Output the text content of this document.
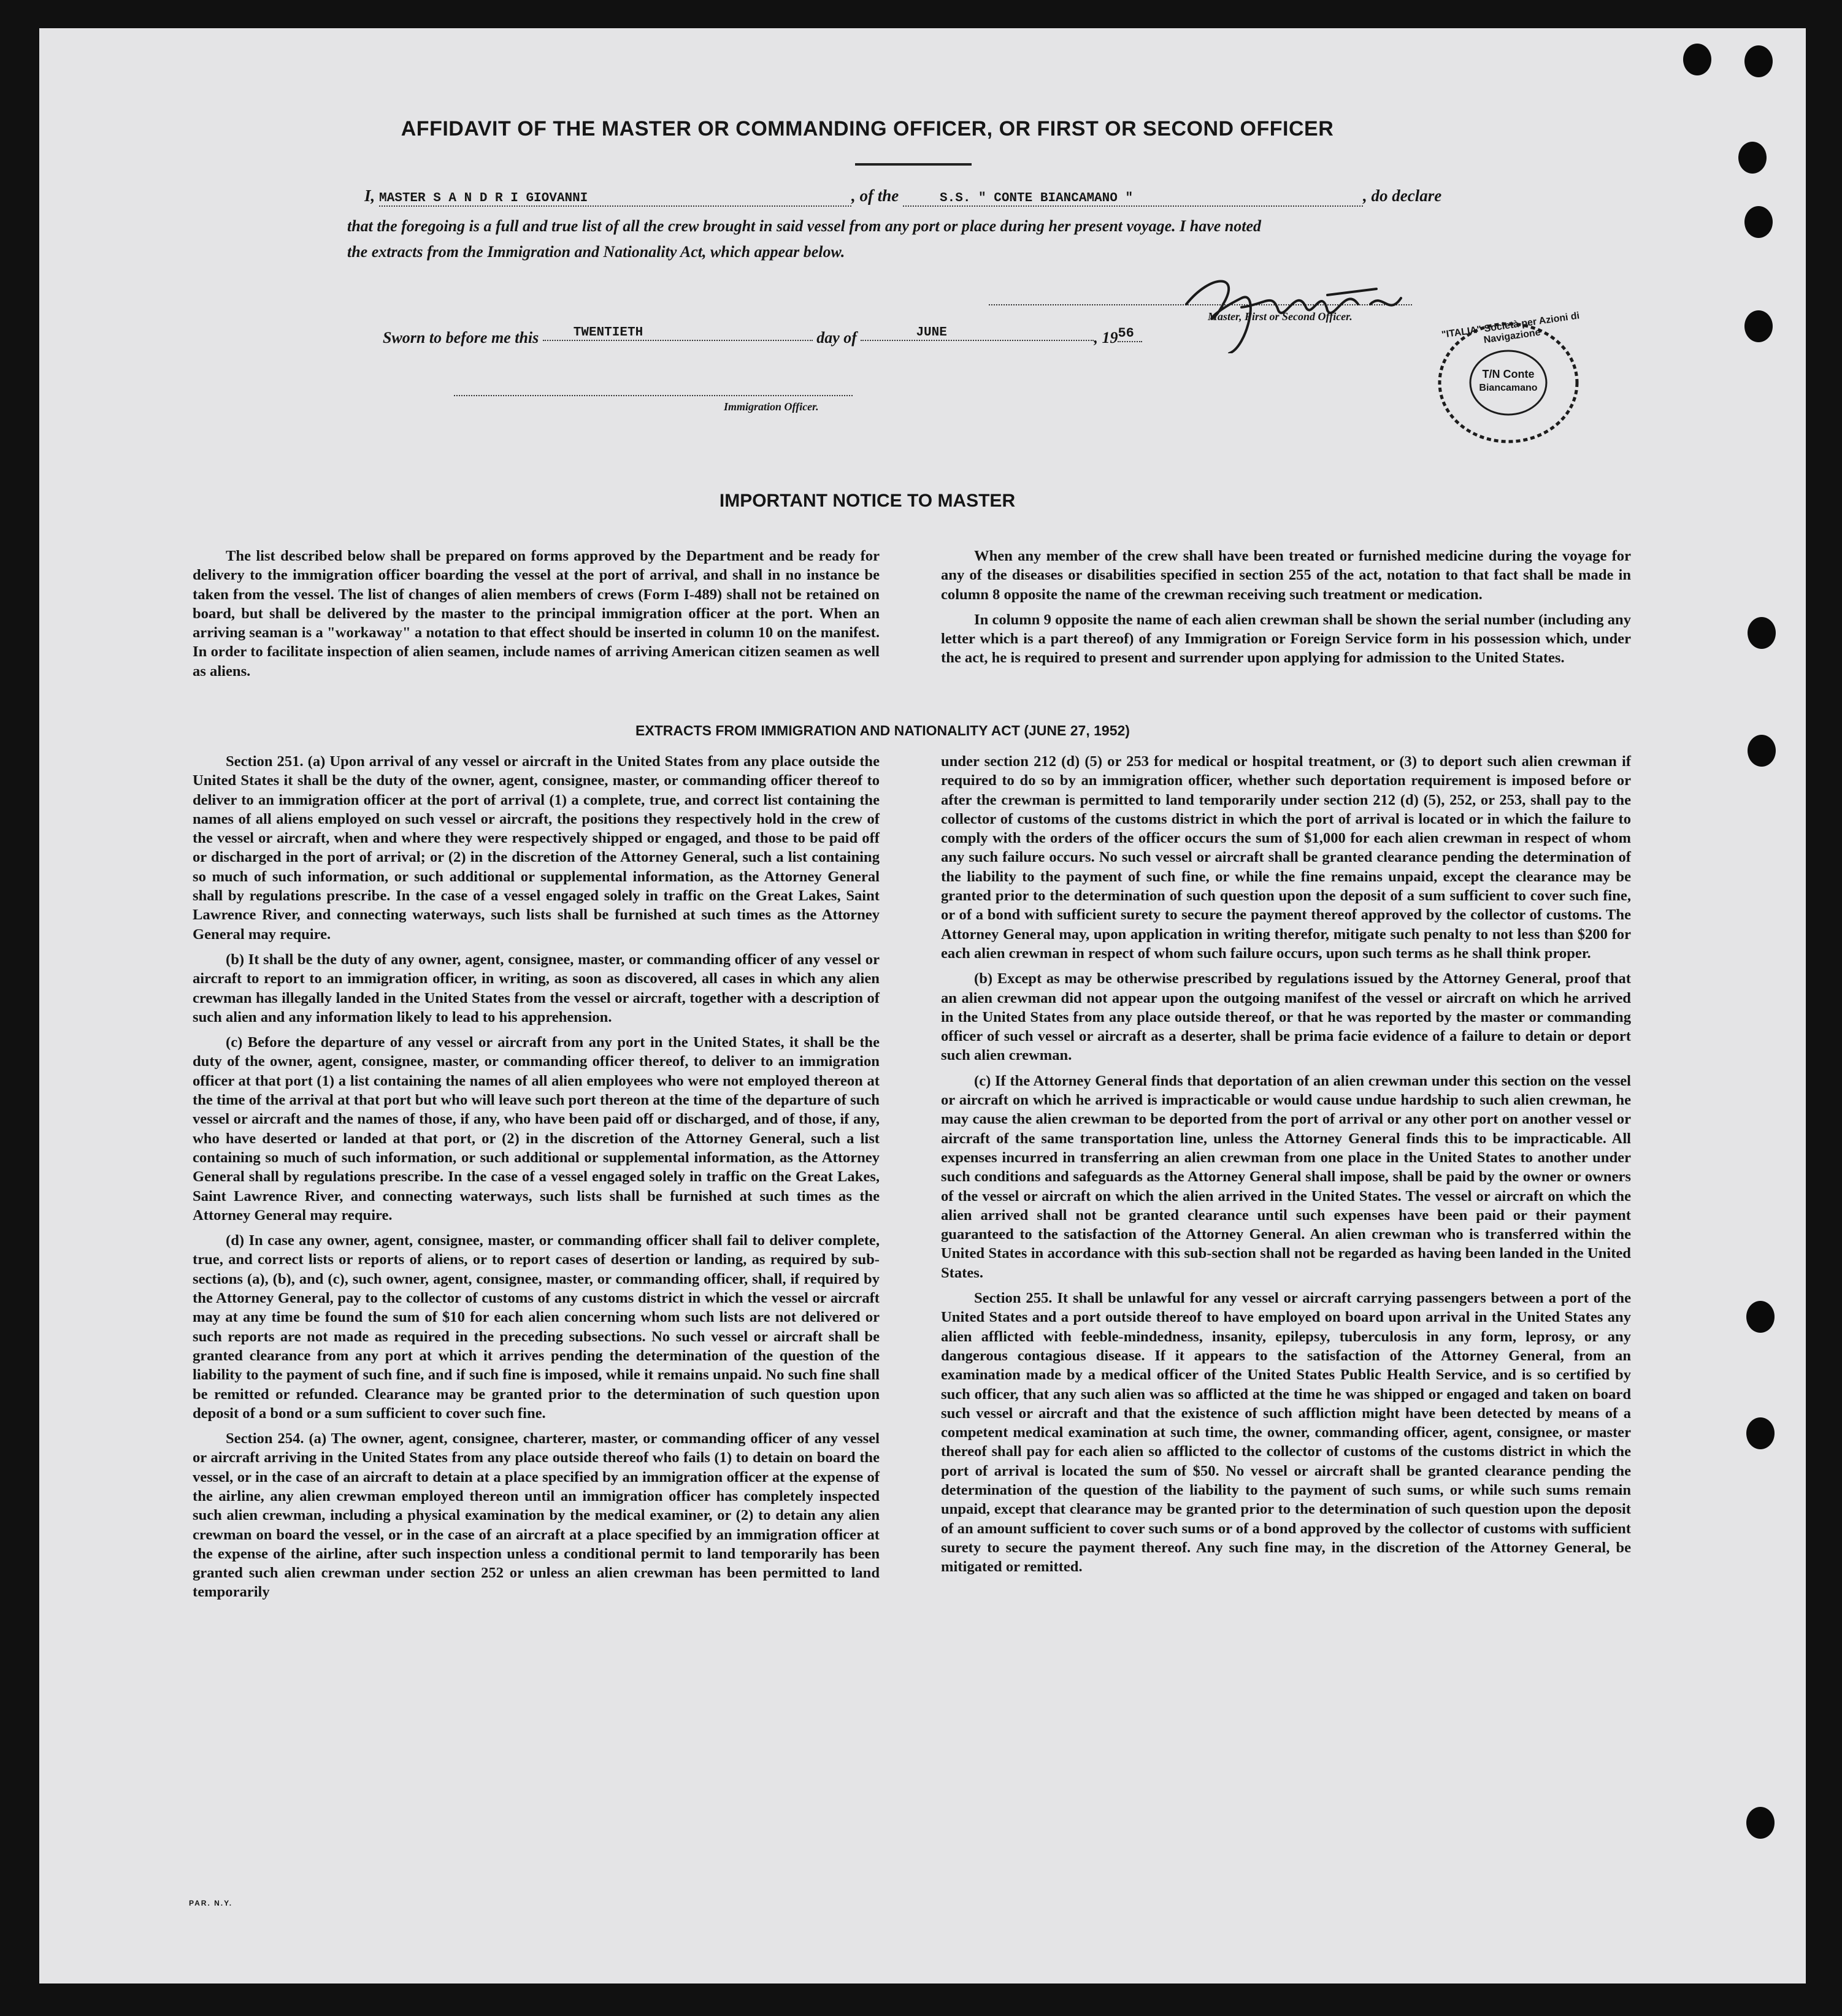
AFFIDAVIT OF THE MASTER OR COMMANDING OFFICER, OR FIRST OR SECOND OFFICER
I, MASTER S A N D R I GIOVANNI	, of the	S.S. " CONTE BIANCAMANO "	, do declare
that the foregoing is a full and true list of all the crew brought in said vessel from any port or place during her present voyage. I have noted
the extracts from the Immigration and Nationality Act, which appear below.
Master, First or Second Officer.
Sworn to before me this	TWENTIETH	day of	JUNE	, 1956
Immigration Officer.
"ITALIA" Società per Azioni di Navigazione
T/N Conte
Biancamano
IMPORTANT NOTICE TO MASTER

The list described below shall be prepared on forms approved by the Department and be ready for delivery to the immigration officer boarding the vessel at the port of arrival, and shall in no instance be taken from the vessel. The list of changes of alien members of crews (Form I-489) shall not be retained on board, but shall be delivered by the master to the principal immigration officer at the port. When an arriving seaman is a "workaway" a notation to that effect should be inserted in column 10 on the manifest. In order to facilitate inspection of alien seamen, include names of arriving American citizen seamen as well as aliens.

When any member of the crew shall have been treated or furnished medicine during the voyage for any of the diseases or disabilities specified in section 255 of the act, notation to that fact shall be made in column 8 opposite the name of the crewman receiving such treatment or medication.

In column 9 opposite the name of each alien crewman shall be shown the serial number (including any letter which is a part thereof) of any Immigration or Foreign Service form in his possession which, under the act, he is required to present and surrender upon applying for admission to the United States.

EXTRACTS FROM IMMIGRATION AND NATIONALITY ACT (JUNE 27, 1952)

Section 251. (a) Upon arrival of any vessel or aircraft in the United States from any place outside the United States it shall be the duty of the owner, agent, consignee, master, or commanding officer thereof to deliver to an immigration officer at the port of arrival (1) a complete, true, and correct list containing the names of all aliens employed on such vessel or aircraft, the positions they respectively hold in the crew of the vessel or aircraft, when and where they were respectively shipped or engaged, and those to be paid off or discharged in the port of arrival; or (2) in the discretion of the Attorney General, such a list containing so much of such information, or such additional or supplemental information, as the Attorney General shall by regulations prescribe. In the case of a vessel engaged solely in traffic on the Great Lakes, Saint Lawrence River, and connecting waterways, such lists shall be furnished at such times as the Attorney General may require.

(b) It shall be the duty of any owner, agent, consignee, master, or commanding officer of any vessel or aircraft to report to an immigration officer, in writing, as soon as discovered, all cases in which any alien crewman has illegally landed in the United States from the vessel or aircraft, together with a description of such alien and any information likely to lead to his apprehension.

(c) Before the departure of any vessel or aircraft from any port in the United States, it shall be the duty of the owner, agent, consignee, master, or commanding officer thereof, to deliver to an immigration officer at that port (1) a list containing the names of all alien employees who were not employed thereon at the time of the arrival at that port but who will leave such port thereon at the time of the departure of such vessel or aircraft and the names of those, if any, who have been paid off or discharged, and of those, if any, who have deserted or landed at that port, or (2) in the discretion of the Attorney General, such a list containing so much of such information, or such additional or supplemental information, as the Attorney General shall by regulations prescribe. In the case of a vessel engaged solely in traffic on the Great Lakes, Saint Lawrence River, and connecting waterways, such lists shall be furnished at such times as the Attorney General may require.

(d) In case any owner, agent, consignee, master, or commanding officer shall fail to deliver complete, true, and correct lists or reports of aliens, or to report cases of desertion or landing, as required by sub-sections (a), (b), and (c), such owner, agent, consignee, master, or commanding officer, shall, if required by the Attorney General, pay to the collector of customs of any customs district in which the vessel or aircraft may at any time be found the sum of $10 for each alien concerning whom such lists are not delivered or such reports are not made as required in the preceding subsections. No such vessel or aircraft shall be granted clearance from any port at which it arrives pending the determination of the question of the liability to the payment of such fine, and if such fine is imposed, while it remains unpaid. No such fine shall be remitted or refunded. Clearance may be granted prior to the determination of such question upon deposit of a bond or a sum sufficient to cover such fine.

Section 254. (a) The owner, agent, consignee, charterer, master, or commanding officer of any vessel or aircraft arriving in the United States from any place outside thereof who fails (1) to detain on board the vessel, or in the case of an aircraft to detain at a place specified by an immigration officer at the expense of the airline, any alien crewman employed thereon until an immigration officer has completely inspected such alien crewman, including a physical examination by the medical examiner, or (2) to detain any alien crewman on board the vessel, or in the case of an aircraft at a place specified by an immigration officer at the expense of the airline, after such inspection unless a conditional permit to land temporarily has been granted such alien crewman under section 252 or unless an alien crewman has been permitted to land temporarily

under section 212 (d) (5) or 253 for medical or hospital treatment, or (3) to deport such alien crewman if required to do so by an immigration officer, whether such deportation requirement is imposed before or after the crewman is permitted to land temporarily under section 212 (d) (5), 252, or 253, shall pay to the collector of customs of the customs district in which the port of arrival is located or in which the failure to comply with the orders of the officer occurs the sum of $1,000 for each alien crewman in respect of whom any such failure occurs. No such vessel or aircraft shall be granted clearance pending the determination of the liability to the payment of such fine, or while the fine remains unpaid, except the clearance may be granted prior to the determination of such question upon the deposit of a sum sufficient to cover such fine, or of a bond with sufficient surety to secure the payment thereof approved by the collector of customs. The Attorney General may, upon application in writing therefor, mitigate such penalty to not less than $200 for each alien crewman in respect of whom such failure occurs, upon such terms as he shall think proper.

(b) Except as may be otherwise prescribed by regulations issued by the Attorney General, proof that an alien crewman did not appear upon the outgoing manifest of the vessel or aircraft on which he arrived in the United States from any place outside thereof, or that he was reported by the master or commanding officer of such vessel or aircraft as a deserter, shall be prima facie evidence of a failure to detain or deport such alien crewman.

(c) If the Attorney General finds that deportation of an alien crewman under this section on the vessel or aircraft on which he arrived is impracticable or would cause undue hardship to such alien crewman, he may cause the alien crewman to be deported from the port of arrival or any other port on another vessel or aircraft of the same transportation line, unless the Attorney General finds this to be impracticable. All expenses incurred in transferring an alien crewman from one place in the United States to another under such conditions and safeguards as the Attorney General shall impose, shall be paid by the owner or owners of the vessel or aircraft on which the alien arrived in the United States. The vessel or aircraft on which the alien arrived shall not be granted clearance until such expenses have been paid or their payment guaranteed to the satisfaction of the Attorney General. An alien crewman who is transferred within the United States in accordance with this sub-section shall not be regarded as having been landed in the United States.

Section 255. It shall be unlawful for any vessel or aircraft carrying passengers between a port of the United States and a port outside thereof to have employed on board upon arrival in the United States any alien afflicted with feeble-mindedness, insanity, epilepsy, tuberculosis in any form, leprosy, or any dangerous contagious disease. If it appears to the satisfaction of the Attorney General, from an examination made by a medical officer of the United States Public Health Service, and is so certified by such officer, that any such alien was so afflicted at the time he was shipped or engaged and taken on board such vessel or aircraft and that the existence of such affliction might have been detected by means of a competent medical examination at such time, the owner, commanding officer, agent, consignee, or master thereof shall pay for each alien so afflicted to the collector of customs of the customs district in which the port of arrival is located the sum of $50. No vessel or aircraft shall be granted clearance pending the determination of the question of the liability to the payment of such sums, or while such sums remain unpaid, except that clearance may be granted prior to the determination of such question upon the deposit of an amount sufficient to cover such sums or of a bond approved by the collector of customs with sufficient surety to secure the payment thereof. Any such fine may, in the discretion of the Attorney General, be mitigated or remitted.

PAR. N.Y.
